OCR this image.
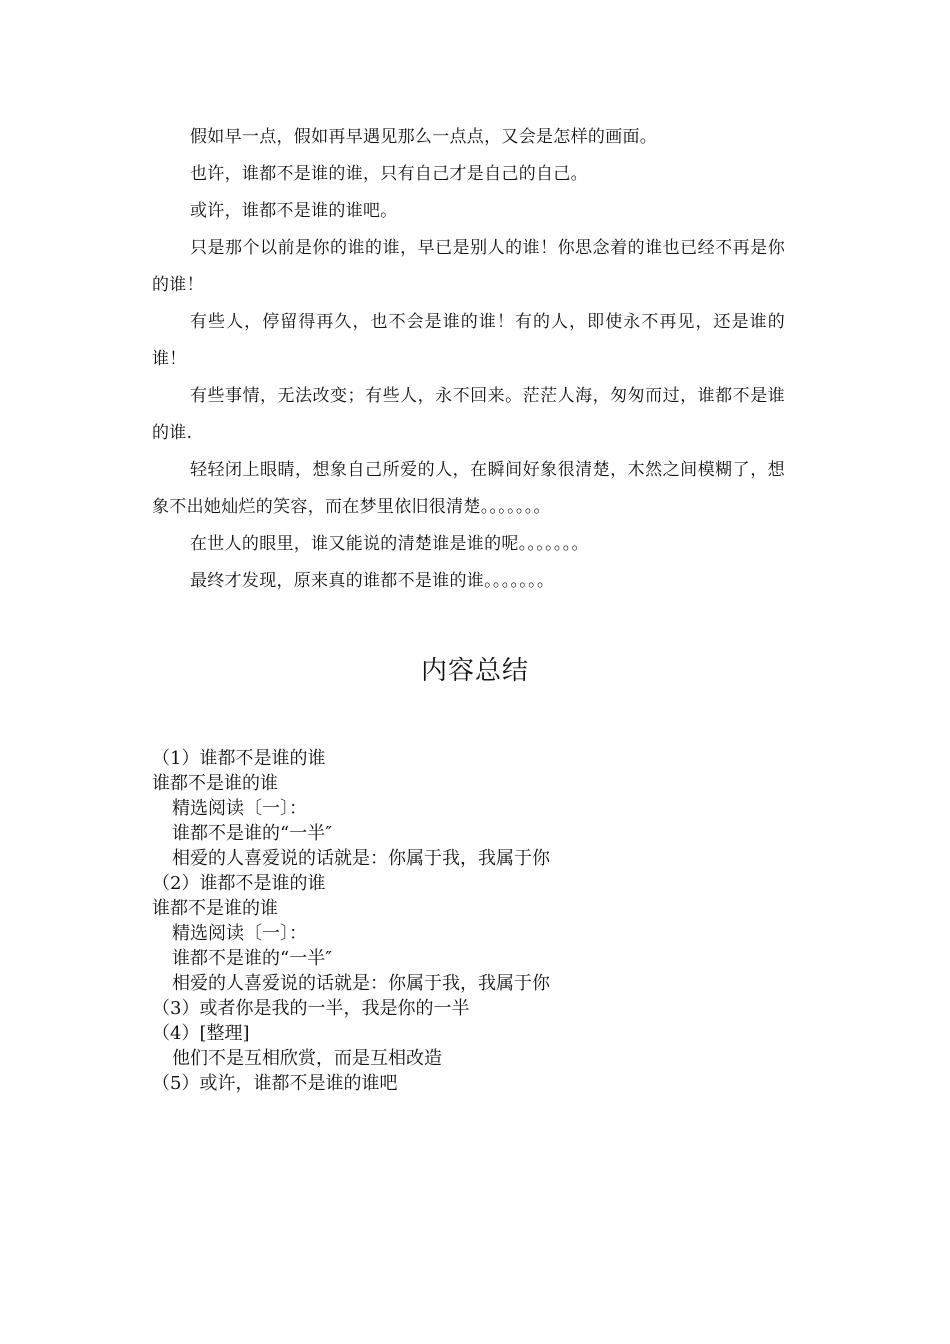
假如早一点，假如再早遇见那么一点点，又会是怎样的画面。

也许，谁都不是谁的谁，只有自己才是自己的自己。

或许，谁都不是谁的谁吧。

只是那个以前是你的谁的谁，早已是别人的谁！你思念着的谁也已经不再是你的谁！

有些人，停留得再久，也不会是谁的谁！有的人，即使永不再见，还是谁的谁！

有些事情，无法改变；有些人，永不回来。茫茫人海，匆匆而过，谁都不是谁的谁.

轻轻闭上眼睛，想象自己所爱的人，在瞬间好象很清楚，木然之间模糊了，想象不出她灿烂的笑容，而在梦里依旧很清楚。。。。。。。

在世人的眼里，谁又能说的清楚谁是谁的呢。。。。。。。

最终才发现，原来真的谁都不是谁的谁。。。。。。。

内容总结
（1）谁都不是谁的谁
谁都不是谁的谁
精选阅读〔一〕：
谁都不是谁的“一半″
相爱的人喜爱说的话就是：你属于我，我属于你
（2）谁都不是谁的谁
谁都不是谁的谁
精选阅读〔一〕：
谁都不是谁的“一半″
相爱的人喜爱说的话就是：你属于我，我属于你
（3）或者你是我的一半，我是你的一半
（4）[整理]
他们不是互相欣赏，而是互相改造
（5）或许，谁都不是谁的谁吧
